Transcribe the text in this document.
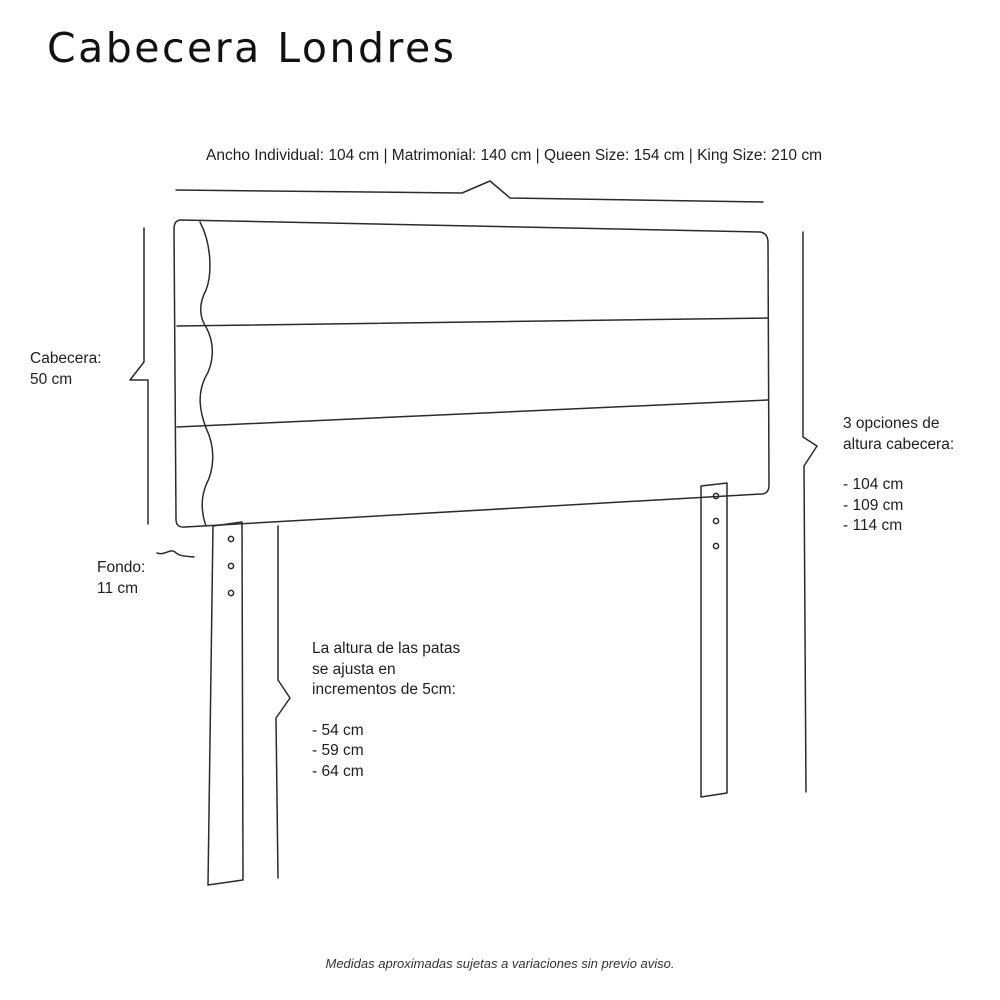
Cabecera Londres
Ancho Individual: 104 cm | Matrimonial: 140 cm | Queen Size: 154 cm | King Size: 210 cm
Cabecera:
50 cm
Fondo:
11 cm
3 opciones de
altura cabecera:
- 104 cm
- 109 cm
- 114 cm
La altura de las patas
se ajusta en
incrementos de 5cm:
- 54 cm
- 59 cm
- 64 cm
Medidas aproximadas sujetas a variaciones sin previo aviso.
